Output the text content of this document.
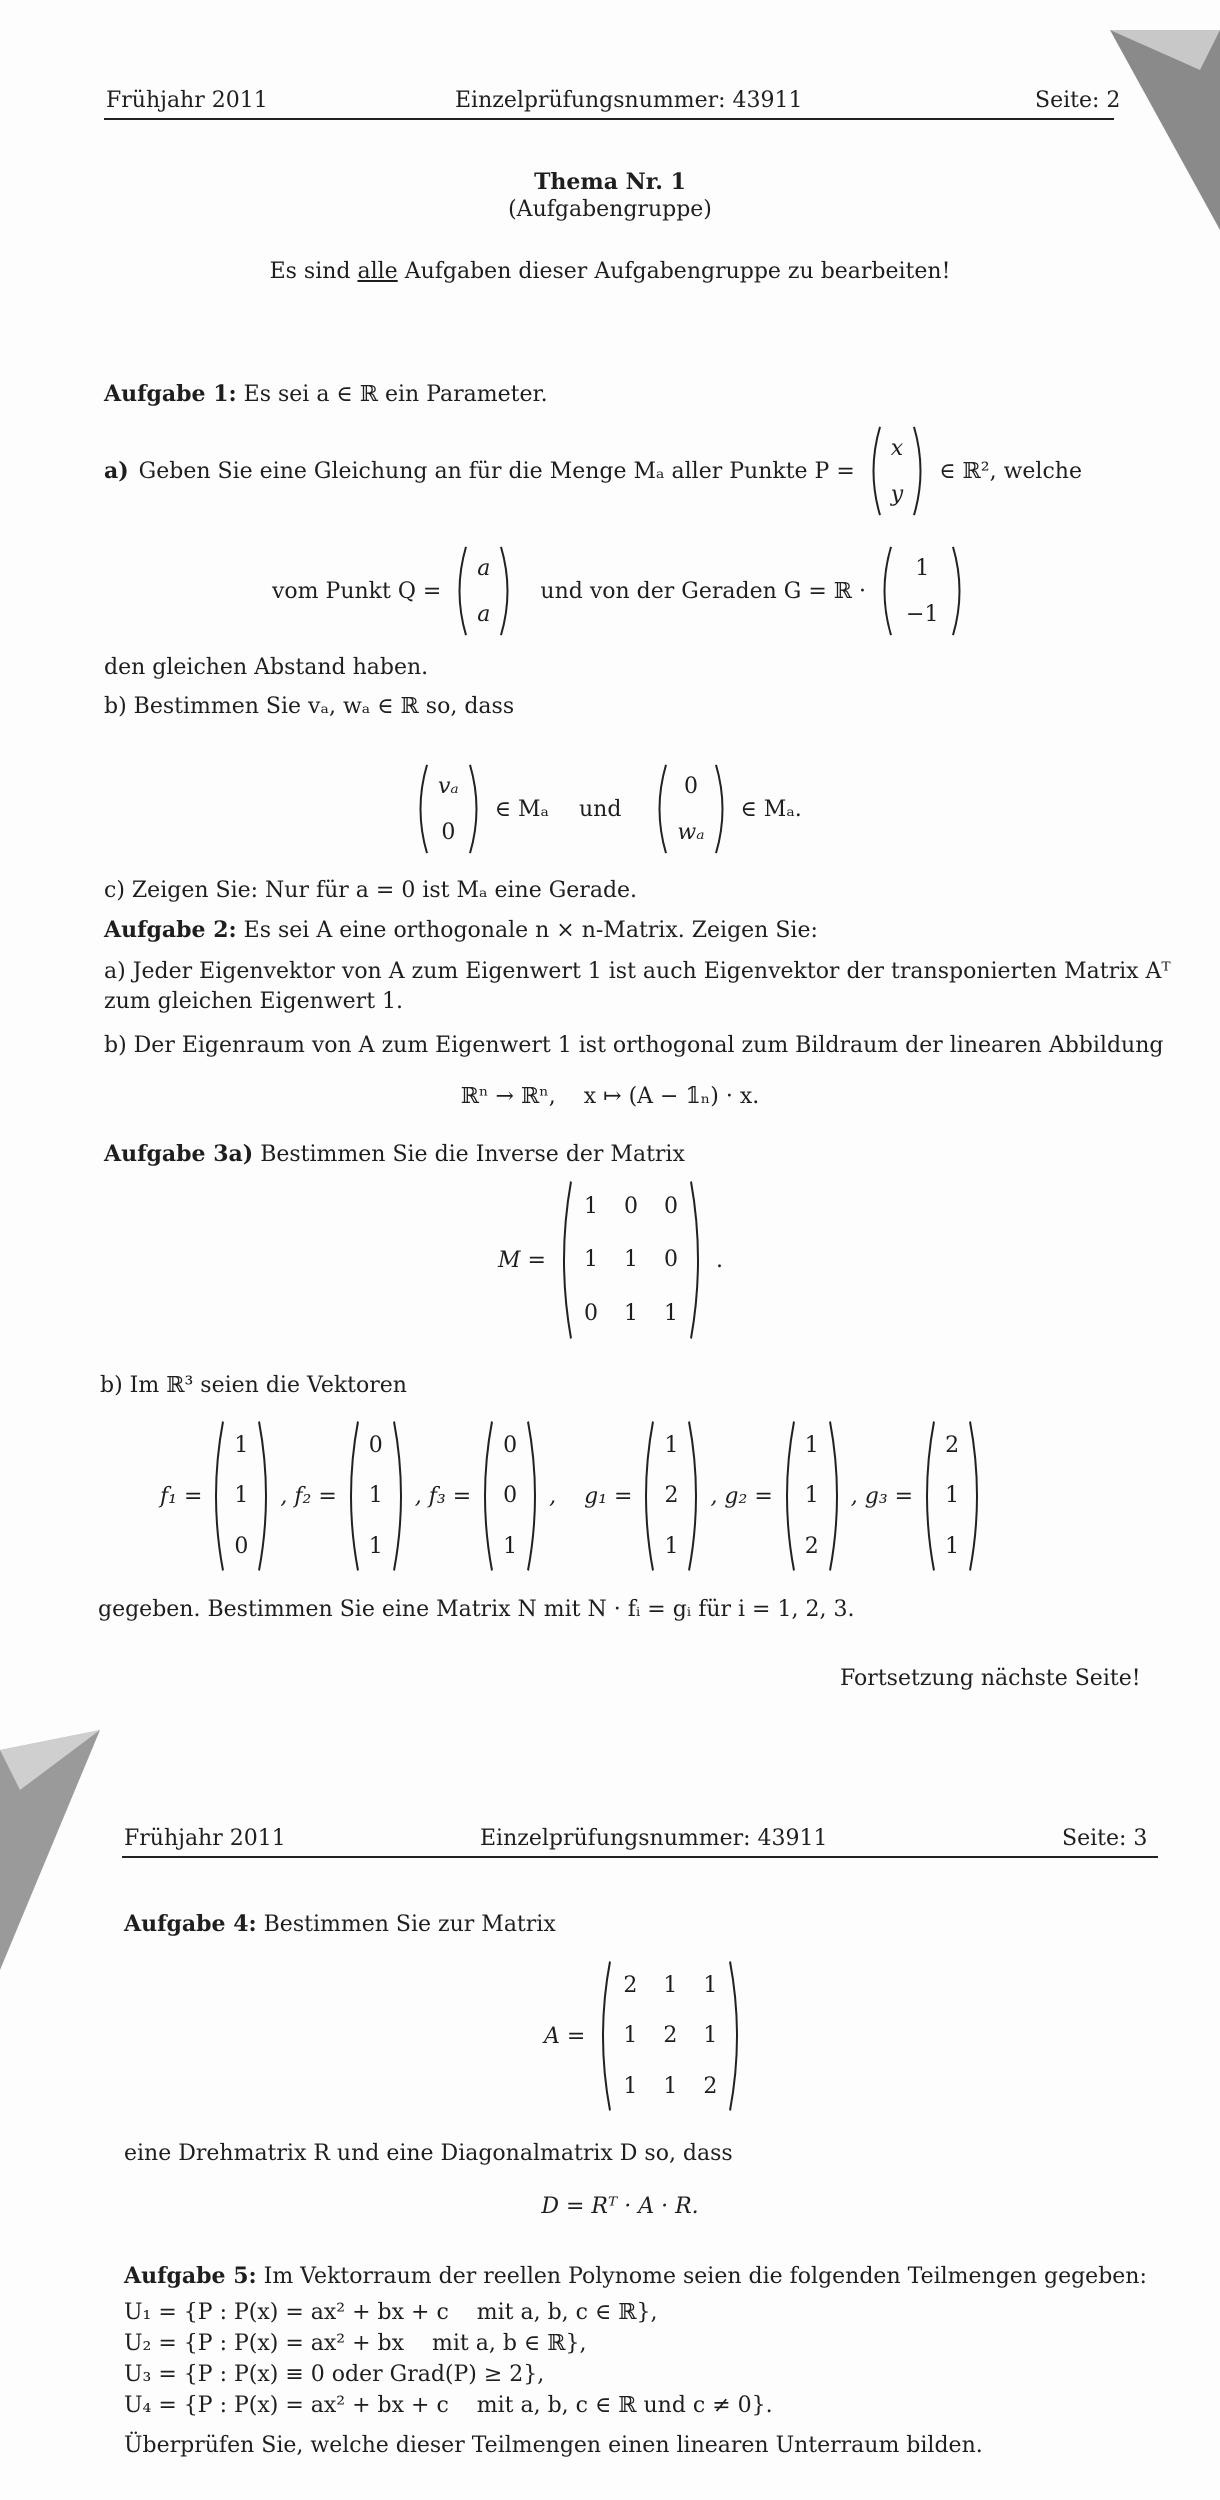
Frühjahr 2011	Einzelprüfungsnummer: 43911	Seite: 2
Thema Nr. 1
(Aufgabengruppe)
Es sind alle Aufgaben dieser Aufgabengruppe zu bearbeiten!
Aufgabe 1: Es sei a ∈ ℝ ein Parameter.
a) Geben Sie eine Gleichung an für die Menge Mₐ aller Punkte P =
x
y
∈ ℝ², welche
vom Punkt Q =
a
a
und von der Geraden G = ℝ ·
1
−1
den gleichen Abstand haben.
b) Bestimmen Sie vₐ, wₐ ∈ ℝ so, dass
vₐ
0
∈ Mₐ und
0
wₐ
∈ Mₐ.
c) Zeigen Sie: Nur für a = 0 ist Mₐ eine Gerade.
Aufgabe 2: Es sei A eine orthogonale n × n-Matrix. Zeigen Sie:
a) Jeder Eigenvektor von A zum Eigenwert 1 ist auch Eigenvektor der transponierten Matrix Aᵀ
zum gleichen Eigenwert 1.
b) Der Eigenraum von A zum Eigenwert 1 ist orthogonal zum Bildraum der linearen Abbildung
ℝⁿ → ℝⁿ,    x ↦ (A − 𝟙ₙ) · x.
Aufgabe 3a) Bestimmen Sie die Inverse der Matrix
M =
1 0 0
1 1 0
0 1 1
.
b) Im ℝ³ seien die Vektoren
f₁ =
1
1
0
, f₂ =
0
1
1
, f₃ =
0
0
1
,    g₁ =
1
2
1
, g₂ =
1
1
2
, g₃ =
2
1
1
gegeben. Bestimmen Sie eine Matrix N mit N · fᵢ = gᵢ für i = 1, 2, 3.
Fortsetzung nächste Seite!
Frühjahr 2011	Einzelprüfungsnummer: 43911	Seite: 3
Aufgabe 4: Bestimmen Sie zur Matrix
A =
2 1 1
1 2 1
1 1 2
eine Drehmatrix R und eine Diagonalmatrix D so, dass
D = Rᵀ · A · R.
Aufgabe 5: Im Vektorraum der reellen Polynome seien die folgenden Teilmengen gegeben:
U₁ = {P : P(x) = ax² + bx + c    mit a, b, c ∈ ℝ},
U₂ = {P : P(x) = ax² + bx    mit a, b ∈ ℝ},
U₃ = {P : P(x) ≡ 0 oder Grad(P) ≥ 2},
U₄ = {P : P(x) = ax² + bx + c    mit a, b, c ∈ ℝ und c ≠ 0}.
Überprüfen Sie, welche dieser Teilmengen einen linearen Unterraum bilden.
